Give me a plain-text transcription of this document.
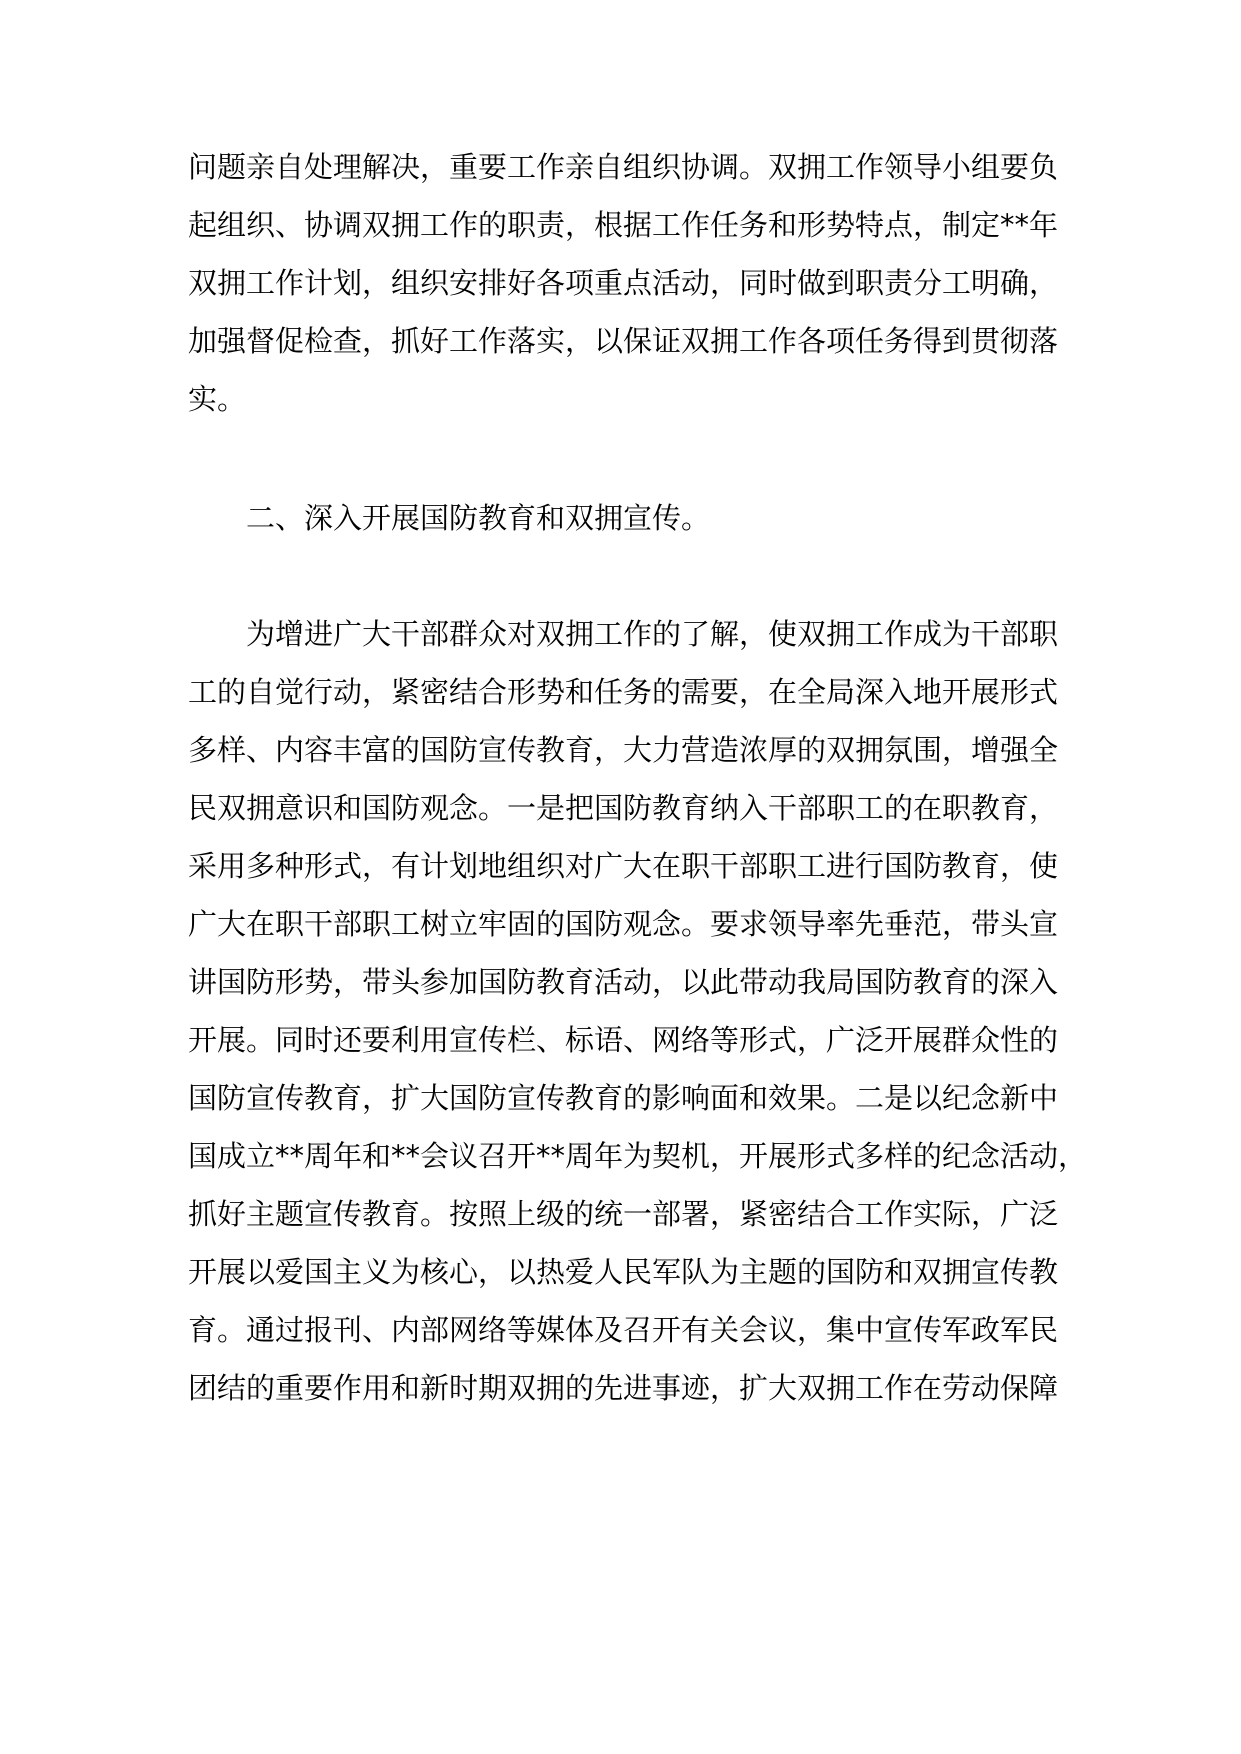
问题亲自处理解决，重要工作亲自组织协调。双拥工作领导小组要负
起组织、协调双拥工作的职责，根据工作任务和形势特点，制定**年
双拥工作计划，组织安排好各项重点活动，同时做到职责分工明确，
加强督促检查，抓好工作落实，以保证双拥工作各项任务得到贯彻落
实。
二、深入开展国防教育和双拥宣传。
为增进广大干部群众对双拥工作的了解，使双拥工作成为干部职
工的自觉行动，紧密结合形势和任务的需要，在全局深入地开展形式
多样、内容丰富的国防宣传教育，大力营造浓厚的双拥氛围，增强全
民双拥意识和国防观念。一是把国防教育纳入干部职工的在职教育，
采用多种形式，有计划地组织对广大在职干部职工进行国防教育，使
广大在职干部职工树立牢固的国防观念。要求领导率先垂范，带头宣
讲国防形势，带头参加国防教育活动，以此带动我局国防教育的深入
开展。同时还要利用宣传栏、标语、网络等形式，广泛开展群众性的
国防宣传教育，扩大国防宣传教育的影响面和效果。二是以纪念新中
国成立**周年和**会议召开**周年为契机，开展形式多样的纪念活动，
抓好主题宣传教育。按照上级的统一部署，紧密结合工作实际，广泛
开展以爱国主义为核心，以热爱人民军队为主题的国防和双拥宣传教
育。通过报刊、内部网络等媒体及召开有关会议，集中宣传军政军民
团结的重要作用和新时期双拥的先进事迹，扩大双拥工作在劳动保障
